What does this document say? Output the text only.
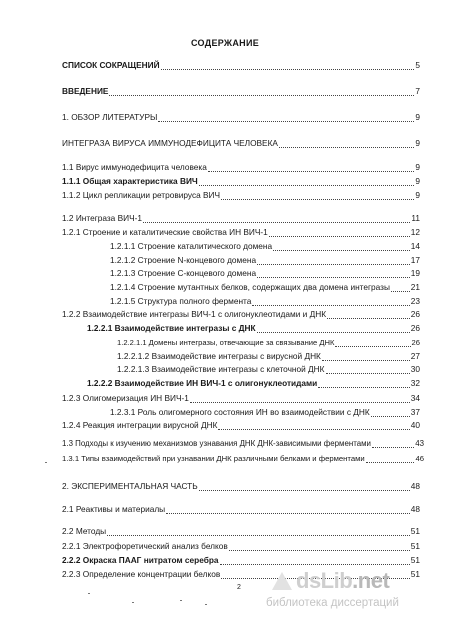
СОДЕРЖАНИЕ
СПИСОК СОКРАЩЕНИЙ	5
ВВЕДЕНИЕ	7
1. ОБЗОР ЛИТЕРАТУРЫ	9
ИНТЕГРАЗА ВИРУСА ИММУНОДЕФИЦИТА ЧЕЛОВЕКА	9
1.1 Вирус иммунодефицита человека	9
1.1.1 Общая характеристика ВИЧ	9
1.1.2 Цикл репликации ретровируса ВИЧ	9
1.2 Интеграза ВИЧ-1	11
1.2.1 Строение и каталитические свойства ИН ВИЧ-1	12
1.2.1.1 Строение каталитического домена	14
1.2.1.2 Строение N-концевого домена	17
1.2.1.3 Строение С-концевого домена	19
1.2.1.4 Строение мутантных белков, содержащих два домена интегразы	21
1.2.1.5 Структура полного фермента	23
1.2.2 Взаимодействие интегразы ВИЧ-1 с олигонуклеотидами и ДНК	26
1.2.2.1 Взаимодействие интегразы с ДНК	26
1.2.2.1.1 Домены интегразы, отвечающие за связывание ДНК	26
1.2.2.1.2 Взаимодействие интегразы с вирусной ДНК	27
1.2.2.1.3 Взаимодействие интегразы с клеточной ДНК	30
1.2.2.2 Взаимодействие ИН ВИЧ-1 с олигонуклеотидами	32
1.2.3 Олигомеризация ИН ВИЧ-1	34
1.2.3.1 Роль олигомерного состояния ИН во взаимодействии с ДНК	37
1.2.4 Реакция интеграции вирусной ДНК	40
1.3 Подходы к изучению механизмов узнавания ДНК ДНК-зависимыми ферментами	43
1.3.1 Типы взаимодействий при узнавании ДНК различными белками и ферментами	46
2. ЭКСПЕРИМЕНТАЛЬНАЯ ЧАСТЬ	48
2.1 Реактивы и материалы	48
2.2 Методы	51
2.2.1 Электрофоретический анализ белков	51
2.2.2 Окраска ПААГ нитратом серебра	51
2.2.3 Определение концентрации белков	51
2	dsLib.net
библиотека диссертаций
